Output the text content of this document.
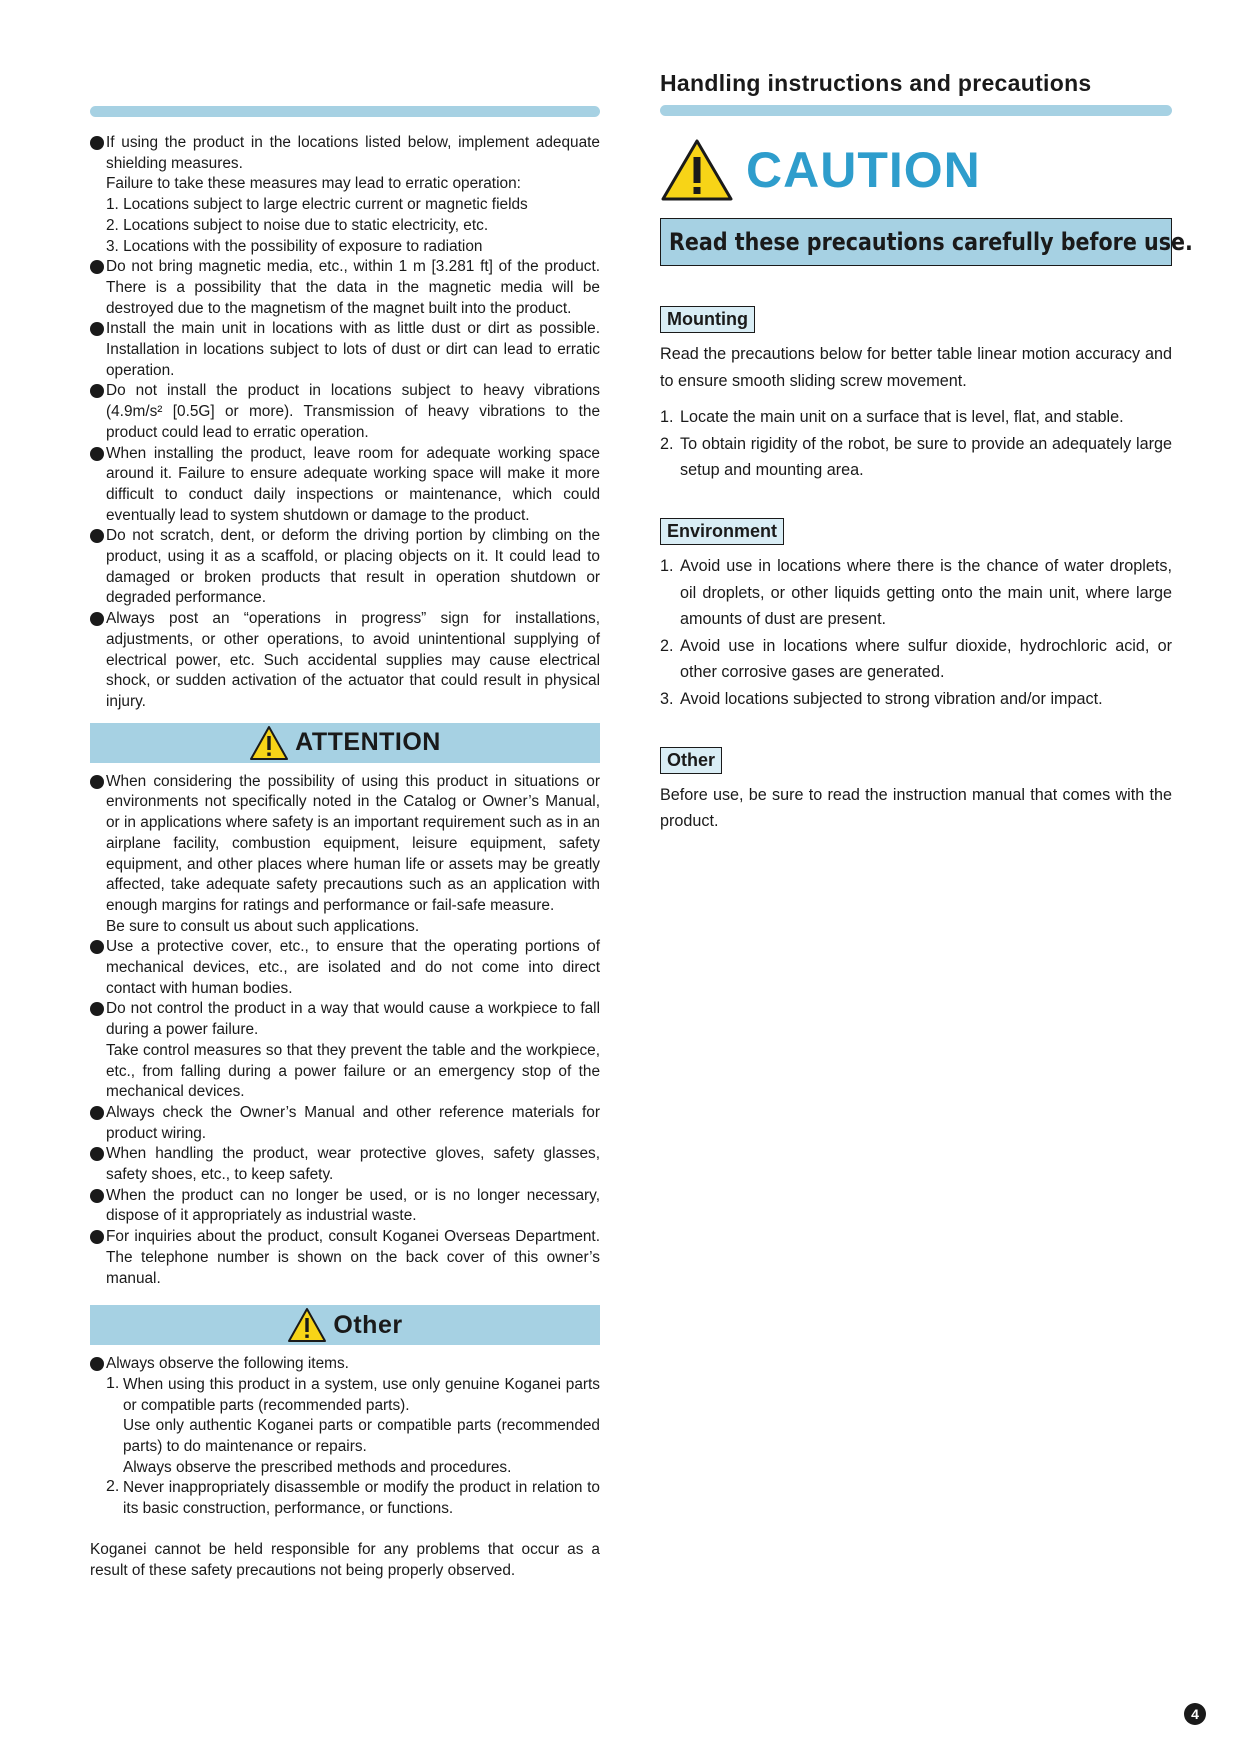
If using the product in the locations listed below, implement adequate shielding measures.

Failure to take these measures may lead to erratic operation:

1. Locations subject to large electric current or magnetic fields

2. Locations subject to noise due to static electricity, etc.

3. Locations with the possibility of exposure to radiation

Do not bring magnetic media, etc., within 1 m [3.281 ft] of the product. There is a possibility that the data in the magnetic media will be destroyed due to the magnetism of the magnet built into the product.

Install the main unit in locations with as little dust or dirt as possible. Installation in locations subject to lots of dust or dirt can lead to erratic operation.

Do not install the product in locations subject to heavy vibrations (4.9m/s² [0.5G] or more). Transmission of heavy vibrations to the product could lead to erratic operation.

When installing the product, leave room for adequate working space around it. Failure to ensure adequate working space will make it more difficult to conduct daily inspections or maintenance, which could eventually lead to system shutdown or damage to the product.

Do not scratch, dent, or deform the driving portion by climbing on the product, using it as a scaffold, or placing objects on it. It could lead to damaged or broken products that result in operation shutdown or degraded performance.

Always post an “operations in progress” sign for installations, adjustments, or other operations, to avoid unintentional supplying of electrical power, etc. Such accidental supplies may cause electrical shock, or sudden activation of the actuator that could result in physical injury.

ATTENTION

When considering the possibility of using this product in situations or environments not specifically noted in the Catalog or Owner’s Manual, or in applications where safety is an important requirement such as in an airplane facility, combustion equipment, leisure equipment, safety equipment, and other places where human life or assets may be greatly affected, take adequate safety precautions such as an application with enough margins for ratings and performance or fail-safe measure.

Be sure to consult us about such applications.

Use a protective cover, etc., to ensure that the operating portions of mechanical devices, etc., are isolated and do not come into direct contact with human bodies.

Do not control the product in a way that would cause a workpiece to fall during a power failure.

Take control measures so that they prevent the table and the workpiece, etc., from falling during a power failure or an emergency stop of the mechanical devices.

Always check the Owner’s Manual and other reference materials for product wiring.

When handling the product, wear protective gloves, safety glasses, safety shoes, etc., to keep safety.

When the product can no longer be used, or is no longer necessary, dispose of it appropriately as industrial waste.

For inquiries about the product, consult Koganei Overseas Department. The telephone number is shown on the back cover of this owner’s manual.

Other

Always observe the following items.

1. When using this product in a system, use only genuine Koganei parts or compatible parts (recommended parts).

Use only authentic Koganei parts or compatible parts (recommended parts) to do maintenance or repairs.

Always observe the prescribed methods and procedures.

2. Never inappropriately disassemble or modify the product in relation to its basic construction, performance, or functions.

Koganei cannot be held responsible for any problems that occur as a result of these safety precautions not being properly observed.

Handling instructions and precautions
CAUTION
Read these precautions carefully before use.
Mounting

Read the precautions below for better table linear motion accuracy and to ensure smooth sliding screw movement.

1. Locate the main unit on a surface that is level, flat, and stable.
2. To obtain rigidity of the robot, be sure to provide an adequately large setup and mounting area.
Environment
1. Avoid use in locations where there is the chance of water droplets, oil droplets, or other liquids getting onto the main unit, where large amounts of dust are present.
2. Avoid use in locations where sulfur dioxide, hydrochloric acid, or other corrosive gases are generated.
3. Avoid locations subjected to strong vibration and/or impact.
Other

Before use, be sure to read the instruction manual that comes with the product.

4
